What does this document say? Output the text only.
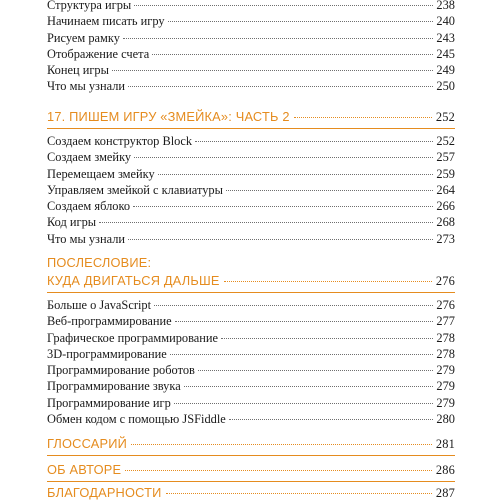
Структура игры	238
Начинаем писать игру	240
Рисуем рамку	243
Отображение счета	245
Конец игры	249
Что мы узнали	250
17. ПИШЕМ ИГРУ «ЗМЕЙКА»: ЧАСТЬ 2	252
Создаем конструктор Block	252
Создаем змейку	257
Перемещаем змейку	259
Управляем змейкой с клавиатуры	264
Создаем яблоко	266
Код игры	268
Что мы узнали	273
ПОСЛЕСЛОВИЕ:
КУДА ДВИГАТЬСЯ ДАЛЬШЕ	276
Больше о JavaScript	276
Веб-программирование	277
Графическое программирование	278
3D-программирование	278
Программирование роботов	279
Программирование звука	279
Программирование игр	279
Обмен кодом с помощью JSFiddle	280
ГЛОССАРИЙ	281
ОБ АВТОРЕ	286
БЛАГОДАРНОСТИ	287
